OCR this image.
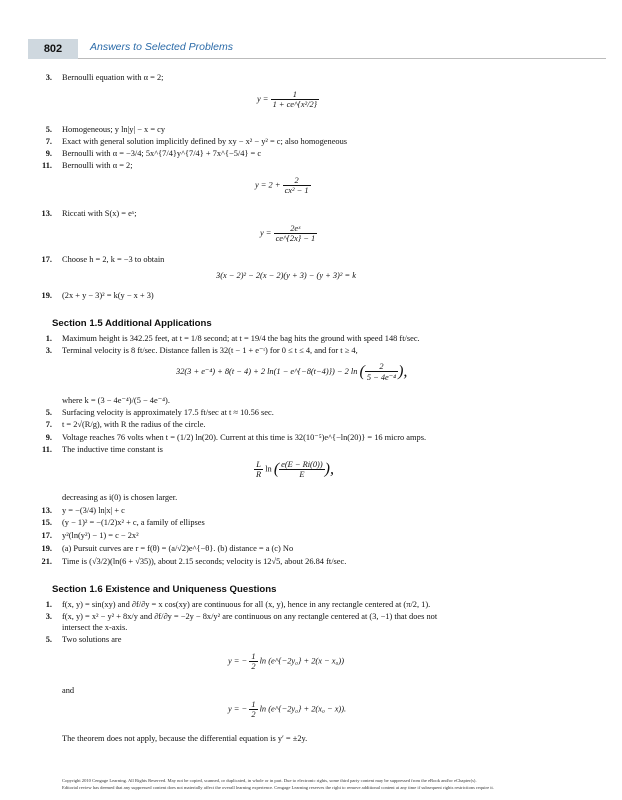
802	Answers to Selected Problems
3. Bernoulli equation with α = 2;
$y = \frac{1}{\text{1 + ce\textasciicircum{}\{x²/2\}}}$
5. Homogeneous; y ln|y| − x = cy
7. Exact with general solution implicitly defined by xy − x² − y² = c; also homogeneous
9. Bernoulli with α = −3/4; 5x^{7/4}y^{7/4} + 7x^{−5/4} = c
11. Bernoulli with α = 2;
$y = 2 + \frac{2}{\text{cx² − 1}}$
13. Riccati with S(x) = eˣ;
$y = \frac{\text{2eˣ}}{ce\^{}\{2x\} - 1}$
17. Choose h = 2, k = −3 to obtain
3(x − 2)² − 2(x − 2)(y + 3) − (y + 3)² = k
19. (2x + y − 3)² = k(y − x + 3)
Section 1.5 Additional Applications
1. Maximum height is 342.25 feet, at t = 1/8 second; at t = 19/4 the bag hits the ground with speed 148 ft/sec.
3. Terminal velocity is 8 ft/sec. Distance fallen is 32(t − 1 + e⁻ᵗ) for 0 ≤ t ≤ 4, and for t ≥ 4,
32(3 + e⁻⁴) + 8(t − 4) + 2 ln(1 − e^{−8(t−4)}) − 2 ln ( $\frac{2}{\text{5 − 4e⁻⁴}}$ ),
where k = (3 − 4e⁻⁴)/(5 − 4e⁻⁴).
5. Surfacing velocity is approximately 17.5 ft/sec at t ≈ 10.56 sec.
7. t = 2√(R/g), with R the radius of the circle.
9. Voltage reaches 76 volts when t = (1/2) ln(20). Current at this time is 32(10⁻⁵)e^{−ln(20)} = 16 micro amps.
11. The inductive time constant is
$\frac{L}{R}$ ln ( $\frac{e(E - Ri(0))}{E}$ ),
decreasing as i(0) is chosen larger.
13. y = −(3/4) ln|x| + c
15. (y − 1)² = −(1/2)x² + c, a family of ellipses
17. y²(ln(y²) − 1) = c − 2x²
19. (a) Pursuit curves are r = f(θ) = (a/√2)e^{−θ}. (b) distance = a (c) No
21. Time is (√3/2)(ln(6 + √35)), about 2.15 seconds; velocity is 12√5, about 26.84 ft/sec.
Section 1.6 Existence and Uniqueness Questions
1. f(x, y) = sin(xy) and ∂f/∂y = x cos(xy) are continuous for all (x, y), hence in any rectangle centered at (π/2, 1).
3. f(x, y) = x² − y² + 8x/y and ∂f/∂y = −2y − 8x/y² are continuous on any rectangle centered at (3, −1) that does not
intersect the x-axis.
5. Two solutions are
y = − $\frac{1}{2}$ ln (e^{−2y₀} + 2(x − x₀))
and
y = − $\frac{1}{2}$ ln (e^{−2y₀} + 2(x₀ − x)).
The theorem does not apply, because the differential equation is y′ = ±2y.
Copyright 2010 Cengage Learning. All Rights Reserved. May not be copied, scanned, or duplicated, in whole or in part. Due to electronic rights, some third party content may be suppressed from the eBook and/or eChapter(s).
Editorial review has deemed that any suppressed content does not materially affect the overall learning experience. Cengage Learning reserves the right to remove additional content at any time if subsequent rights restrictions require it.
